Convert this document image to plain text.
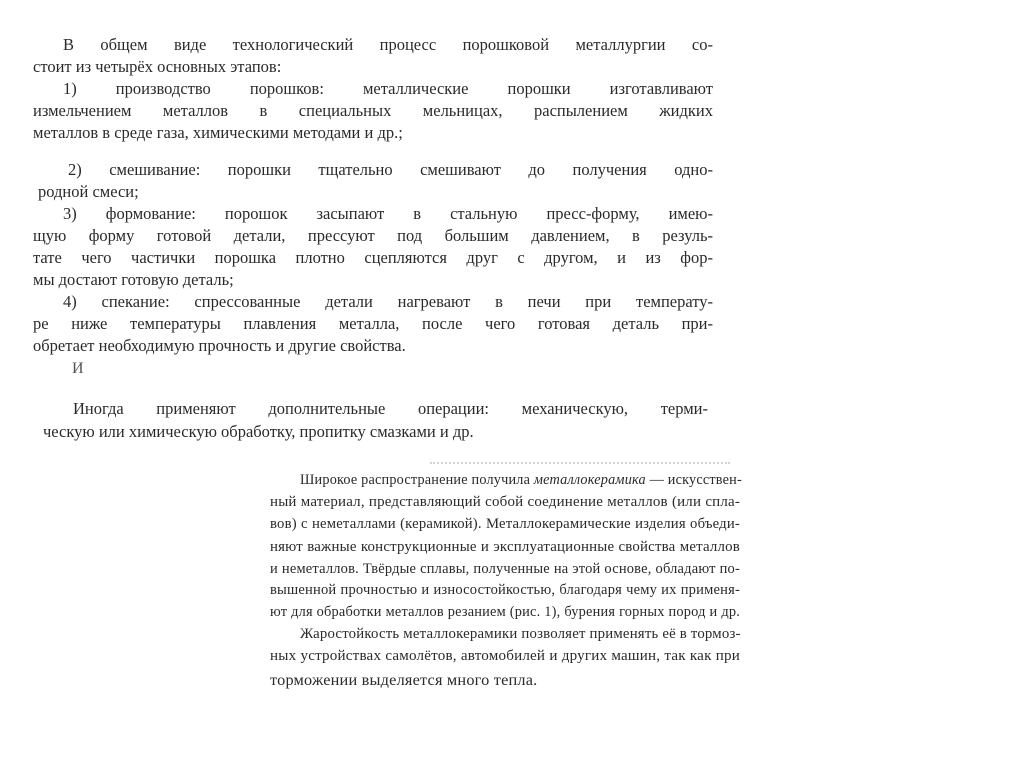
В общем виде технологический процесс порошковой металлургии со-
стоит из четырёх основных этапов:
1) производство порошков: металлические порошки изготавливают
измельчением металлов в специальных мельницах, распылением жидких
металлов в среде газа, химическими методами и др.;
2) смешивание: порошки тщательно смешивают до получения одно-
родной смеси;
3) формование: порошок засыпают в стальную пресс-форму, имею-
щую форму готовой детали, прессуют под большим давлением, в резуль-
тате чего частички порошка плотно сцепляются друг с другом, и из фор-
мы достают готовую деталь;
4) спекание: спрессованные детали нагревают в печи при температу-
ре ниже температуры плавления металла, после чего готовая деталь при-
обретает необходимую прочность и другие свойства.
И
Иногда применяют дополнительные операции: механическую, терми-
ческую или химическую обработку, пропитку смазками и др.
Широкое распространение получила металлокерамика — искусствен-
ный материал, представляющий собой соединение металлов (или спла-
вов) с неметаллами (керамикой). Металлокерамические изделия объеди-
няют важные конструкционные и эксплуатационные свойства металлов
и неметаллов. Твёрдые сплавы, полученные на этой основе, обладают по-
вышенной прочностью и износостойкостью, благодаря чему их применя-
ют для обработки металлов резанием (рис. 1), бурения горных пород и др.
Жаростойкость металлокерамики позволяет применять её в тормоз-
ных устройствах самолётов, автомобилей и других машин, так как при
торможении выделяется много тепла.
